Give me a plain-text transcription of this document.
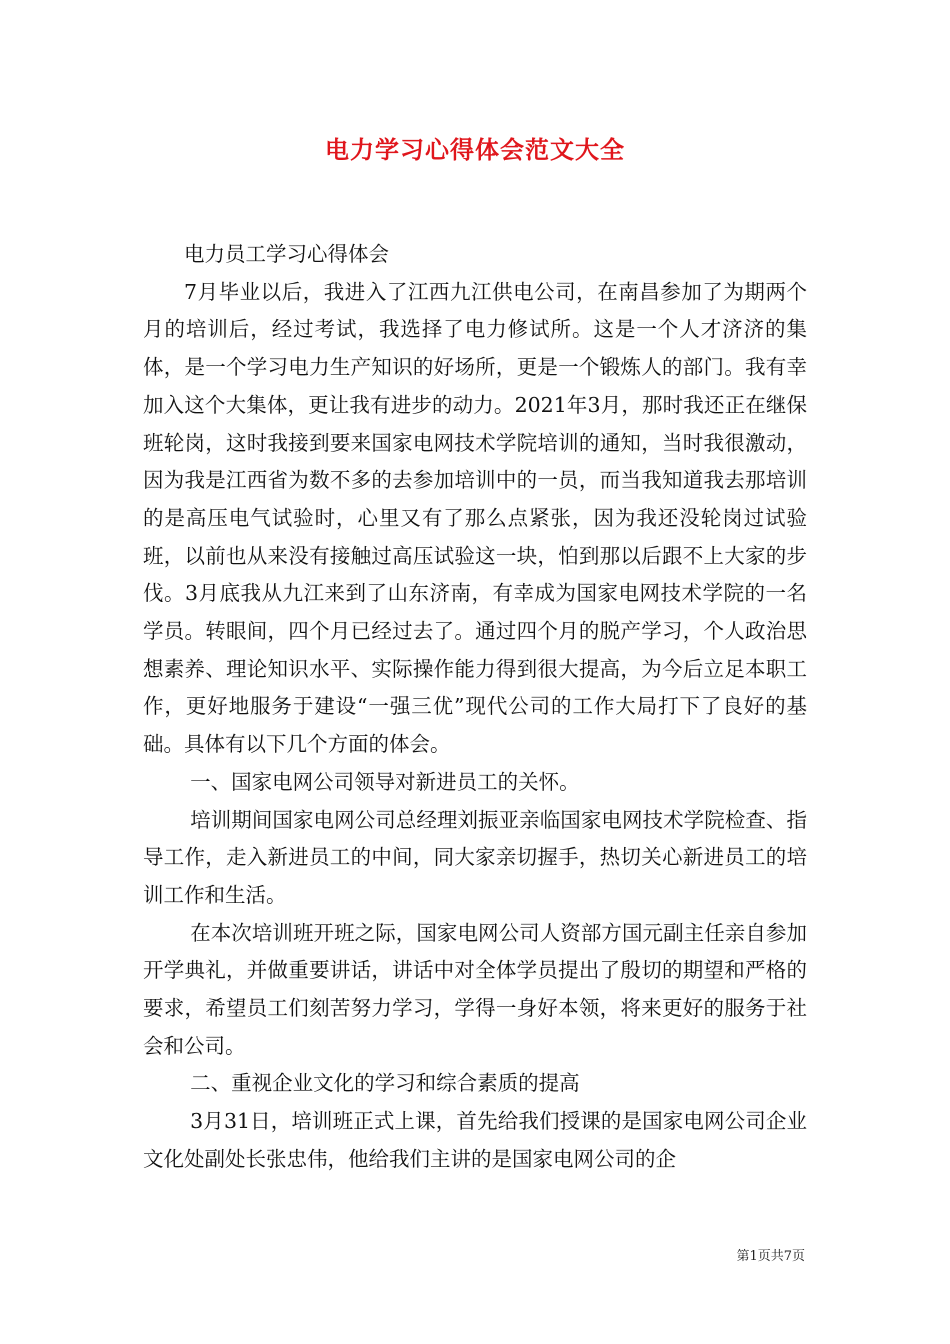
电力学习心得体会范文大全

电力员工学习心得体会

7月毕业以后，我进入了江西九江供电公司，在南昌参加了为期两个月的培训后，经过考试，我选择了电力修试所。这是一个人才济济的集体，是一个学习电力生产知识的好场所，更是一个锻炼人的部门。我有幸加入这个大集体，更让我有进步的动力。2021年3月，那时我还正在继保班轮岗，这时我接到要来国家电网技术学院培训的通知，当时我很激动，因为我是江西省为数不多的去参加培训中的一员，而当我知道我去那培训的是高压电气试验时，心里又有了那么点紧张，因为我还没轮岗过试验班，以前也从来没有接触过高压试验这一块，怕到那以后跟不上大家的步伐。3月底我从九江来到了山东济南，有幸成为国家电网技术学院的一名学员。转眼间，四个月已经过去了。通过四个月的脱产学习，个人政治思想素养、理论知识水平、实际操作能力得到很大提高，为今后立足本职工作，更好地服务于建设“一强三优”现代公司的工作大局打下了良好的基础。具体有以下几个方面的体会。

一、国家电网公司领导对新进员工的关怀。

培训期间国家电网公司总经理刘振亚亲临国家电网技术学院检查、指导工作，走入新进员工的中间，同大家亲切握手，热切关心新进员工的培训工作和生活。

在本次培训班开班之际，国家电网公司人资部方国元副主任亲自参加开学典礼，并做重要讲话，讲话中对全体学员提出了殷切的期望和严格的要求，希望员工们刻苦努力学习，学得一身好本领，将来更好的服务于社会和公司。

二、重视企业文化的学习和综合素质的提高

3月31日，培训班正式上课，首先给我们授课的是国家电网公司企业文化处副处长张忠伟，他给我们主讲的是国家电网公司的企

第1页共7页
